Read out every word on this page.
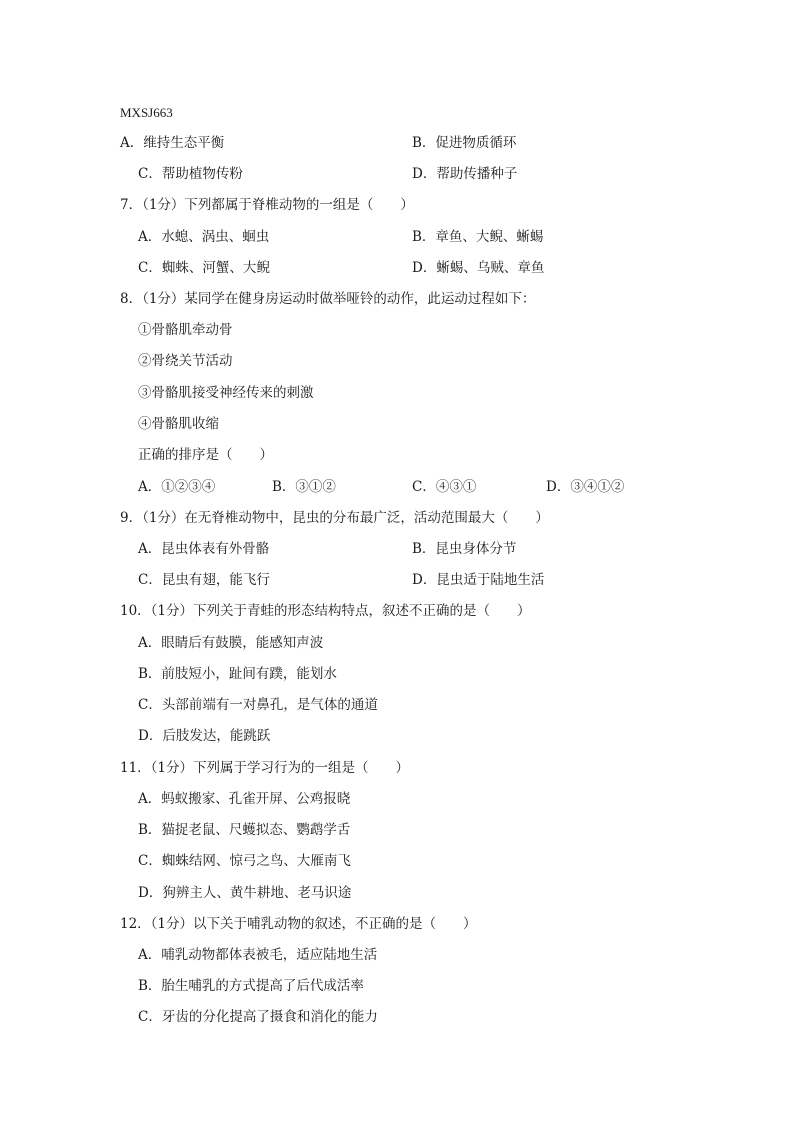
MXSJ663
A．维持生态平衡	B．促进物质循环
C．帮助植物传粉	D．帮助传播种子
7．（1分）下列都属于脊椎动物的一组是（　　）
A．水螅、涡虫、蛔虫	B．章鱼、大鲵、蜥蜴
C．蜘蛛、河蟹、大鲵	D．蜥蜴、乌贼、章鱼
8．（1分）某同学在健身房运动时做举哑铃的动作，此运动过程如下：
①骨骼肌牵动骨
②骨绕关节活动
③骨骼肌接受神经传来的刺激
④骨骼肌收缩
正确的排序是（　　）
A．①②③④	B．③①②	C．④③①	D．③④①②
9．（1分）在无脊椎动物中，昆虫的分布最广泛，活动范围最大（　　）
A．昆虫体表有外骨骼	B．昆虫身体分节
C．昆虫有翅，能飞行	D．昆虫适于陆地生活
10．（1分）下列关于青蛙的形态结构特点，叙述不正确的是（　　）
A．眼睛后有鼓膜，能感知声波
B．前肢短小，趾间有蹼，能划水
C．头部前端有一对鼻孔，是气体的通道
D．后肢发达，能跳跃
11．（1分）下列属于学习行为的一组是（　　）
A．蚂蚁搬家、孔雀开屏、公鸡报晓
B．猫捉老鼠、尺蠖拟态、鹦鹉学舌
C．蜘蛛结网、惊弓之鸟、大雁南飞
D．狗辨主人、黄牛耕地、老马识途
12．（1分）以下关于哺乳动物的叙述，不正确的是（　　）
A．哺乳动物都体表被毛，适应陆地生活
B．胎生哺乳的方式提高了后代成活率
C．牙齿的分化提高了摄食和消化的能力
